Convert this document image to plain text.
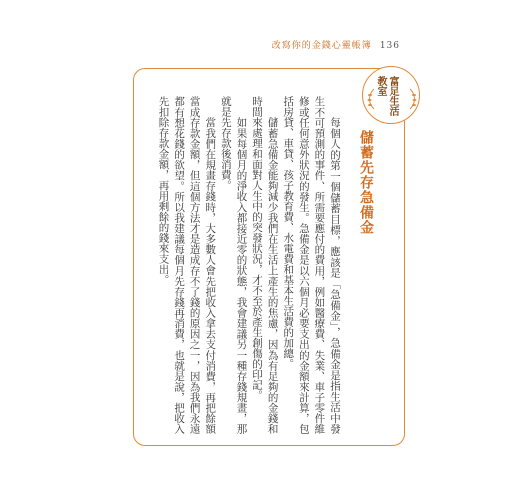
改寫你的金錢心靈帳簿 136
富足生活教室
儲蓄先存急備金

每個人的第一個儲蓄目標，應該是「急備金」，急備金是指生活中發生不可預測的事件、所需要應付的費用，例如醫療費、失業、車子零件維修或任何意外狀況的發生。急備金是以六個月必要支出的金額來計算，包括房貸、車貸、孩子教育費、水電費和基本生活費的加總。

儲蓄急備金能夠減少我們在生活上產生的焦慮，因為有足夠的金錢和時間來處理和面對人生中的突發狀況，才不至於產生創傷的印記。

如果每個月的淨收入都接近零的狀態，我會建議另一種存錢規畫，那就是先存款後消費。

當我們在規畫存錢時，大多數人會先把收入拿去支付消費，再把餘額當成存款金額，但這個方法才是造成存不了錢的原因之一，因為我們永遠都有想花錢的欲望。所以我建議每個月先存錢再消費，也就是說，把收入先扣除存款金額，再用剩餘的錢來支出。
